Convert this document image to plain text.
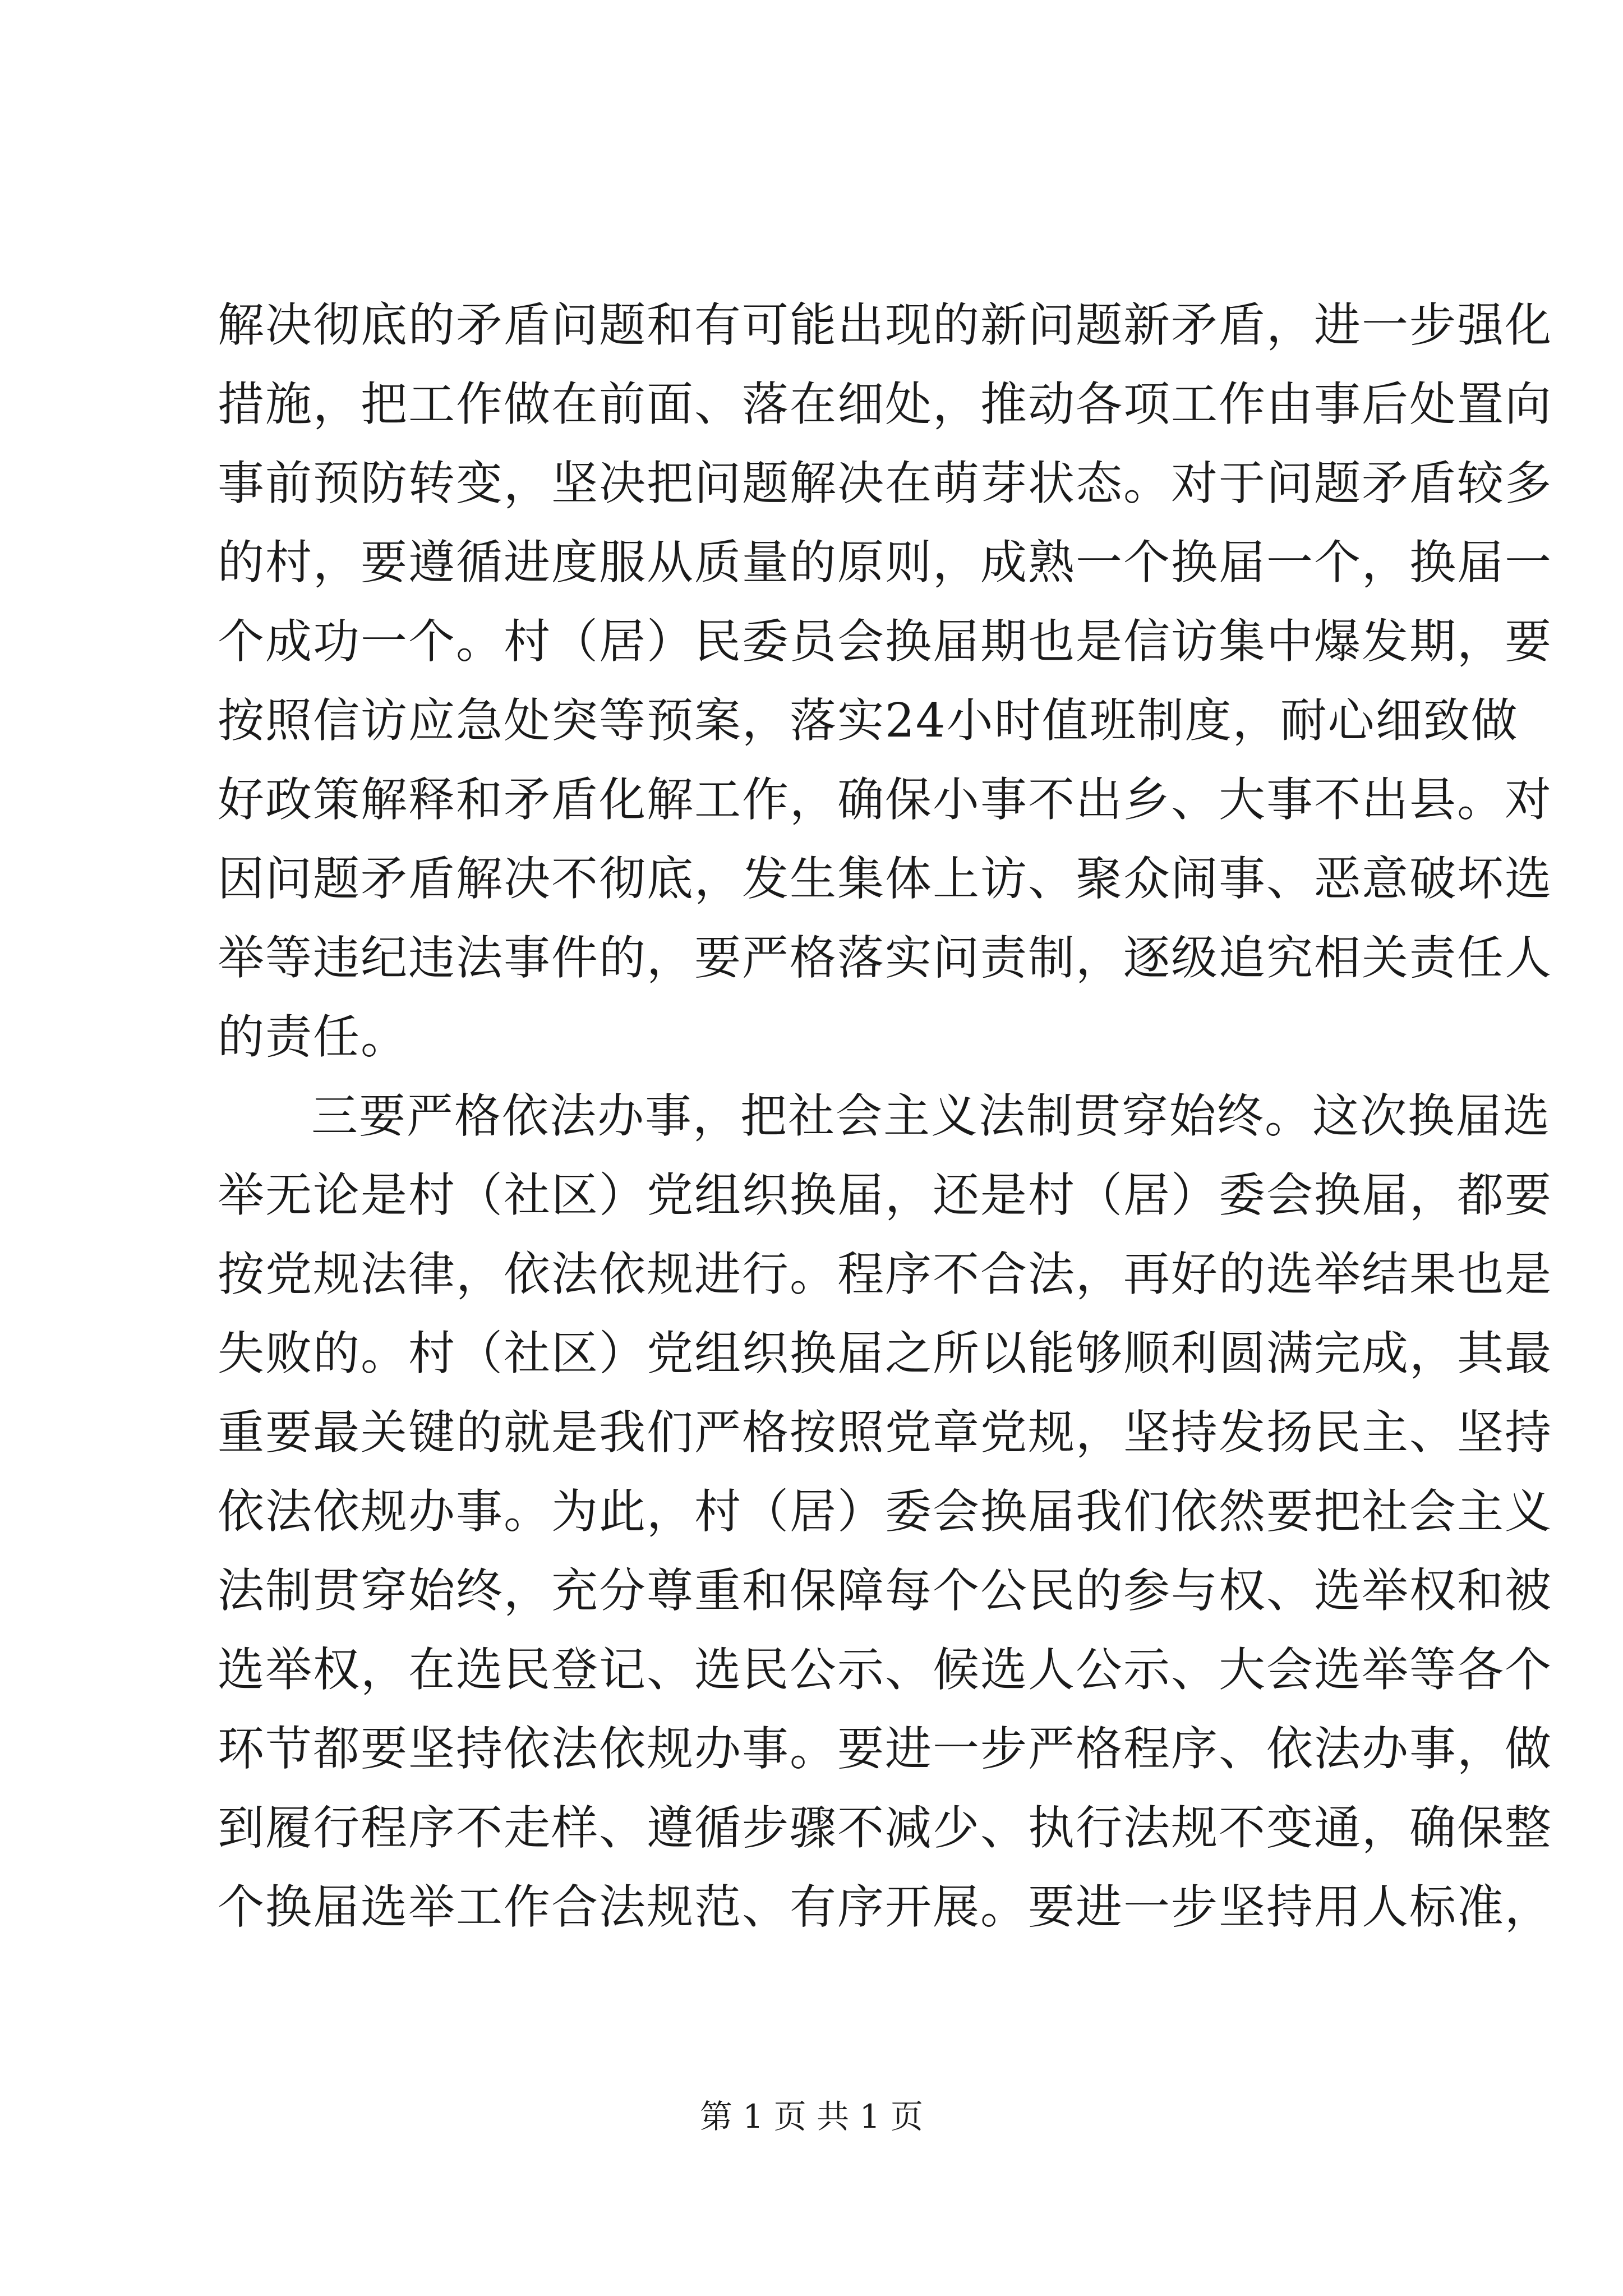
解决彻底的矛盾问题和有可能出现的新问题新矛盾，进一步强化
措施，把工作做在前面、落在细处，推动各项工作由事后处置向
事前预防转变，坚决把问题解决在萌芽状态。对于问题矛盾较多
的村，要遵循进度服从质量的原则，成熟一个换届一个，换届一
个成功一个。村（居）民委员会换届期也是信访集中爆发期，要
按照信访应急处突等预案，落实24小时值班制度，耐心细致做
好政策解释和矛盾化解工作，确保小事不出乡、大事不出县。对
因问题矛盾解决不彻底，发生集体上访、聚众闹事、恶意破坏选
举等违纪违法事件的，要严格落实问责制，逐级追究相关责任人
的责任。
三要严格依法办事，把社会主义法制贯穿始终。这次换届选
举无论是村（社区）党组织换届，还是村（居）委会换届，都要
按党规法律，依法依规进行。程序不合法，再好的选举结果也是
失败的。村（社区）党组织换届之所以能够顺利圆满完成，其最
重要最关键的就是我们严格按照党章党规，坚持发扬民主、坚持
依法依规办事。为此，村（居）委会换届我们依然要把社会主义
法制贯穿始终，充分尊重和保障每个公民的参与权、选举权和被
选举权，在选民登记、选民公示、候选人公示、大会选举等各个
环节都要坚持依法依规办事。要进一步严格程序、依法办事，做
到履行程序不走样、遵循步骤不减少、执行法规不变通，确保整
个换届选举工作合法规范、有序开展。要进一步坚持用人标准，
第 1 页 共 1 页
